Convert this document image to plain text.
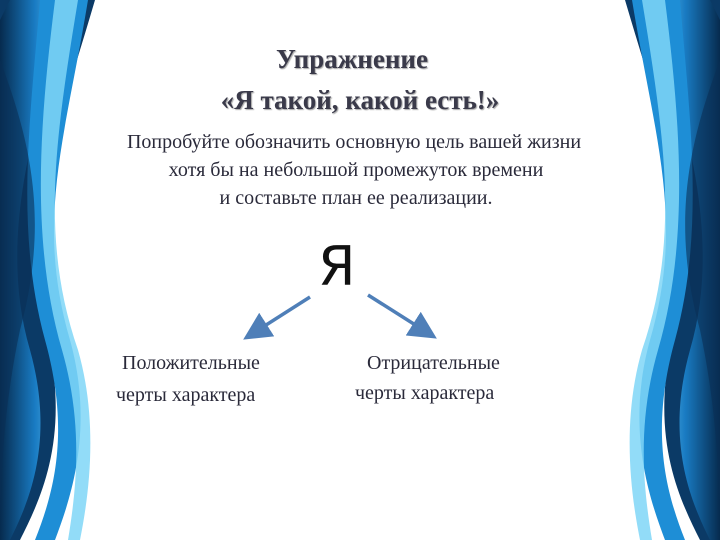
Упражнение
«Я такой, какой есть!»

Попробуйте обозначить основную цель вашей жизни

хотя бы на небольшой промежуток времени

и составьте план ее реализации.

Я
Положительные
черты характера
Отрицательные
черты характера
